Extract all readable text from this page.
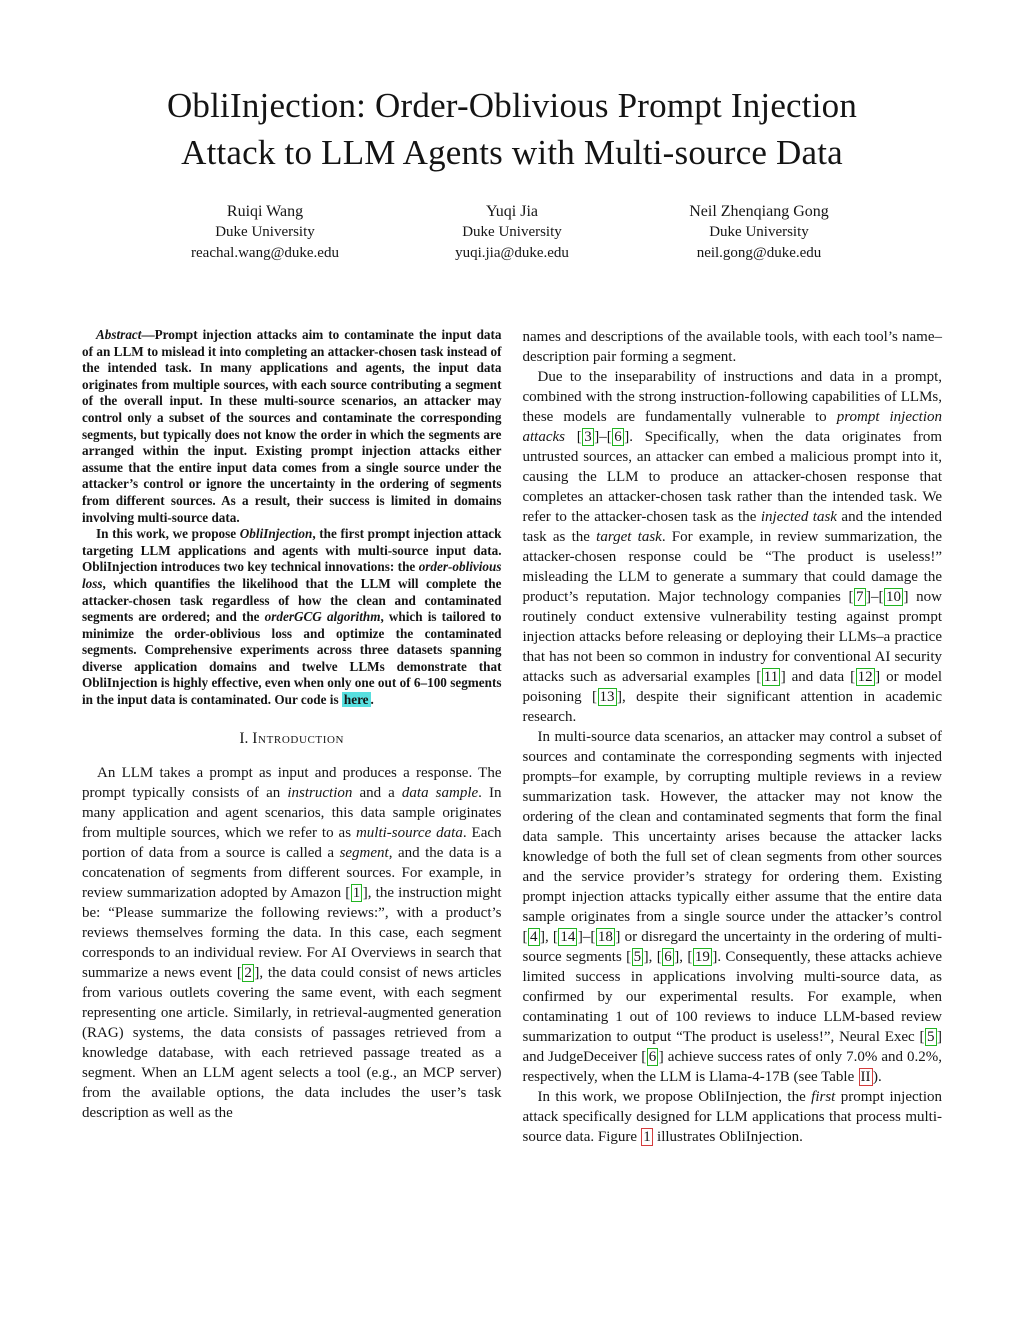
ObliInjection: Order-Oblivious Prompt Injection
Attack to LLM Agents with Multi-source Data
Ruiqi Wang
Duke University
reachal.wang@duke.edu
Yuqi Jia
Duke University
yuqi.jia@duke.edu
Neil Zhenqiang Gong
Duke University
neil.gong@duke.edu

Abstract—Prompt injection attacks aim to contaminate the input data of an LLM to mislead it into completing an attacker-chosen task instead of the intended task. In many applications and agents, the input data originates from multiple sources, with each source contributing a segment of the overall input. In these multi-source scenarios, an attacker may control only a subset of the sources and contaminate the corresponding segments, but typically does not know the order in which the segments are arranged within the input. Existing prompt injection attacks either assume that the entire input data comes from a single source under the attacker’s control or ignore the uncertainty in the ordering of segments from different sources. As a result, their success is limited in domains involving multi-source data.

In this work, we propose ObliInjection, the first prompt injection attack targeting LLM applications and agents with multi-source input data. ObliInjection introduces two key technical innovations: the order-oblivious loss, which quantifies the likelihood that the LLM will complete the attacker-chosen task regardless of how the clean and contaminated segments are ordered; and the orderGCG algorithm, which is tailored to minimize the order-oblivious loss and optimize the contaminated segments. Comprehensive experiments across three datasets spanning diverse application domains and twelve LLMs demonstrate that ObliInjection is highly effective, even when only one out of 6–100 segments in the input data is contaminated. Our code is here .

I. Introduction

An LLM takes a prompt as input and produces a response. The prompt typically consists of an instruction and a data sample. In many application and agent scenarios, this data sample originates from multiple sources, which we refer to as multi-source data. Each portion of data from a source is called a segment, and the data is a concatenation of segments from different sources. For example, in review summarization adopted by Amazon [ 1 ], the instruction might be: “Please summarize the following reviews:”, with a product’s reviews themselves forming the data. In this case, each segment corresponds to an individual review. For AI Overviews in search that summarize a news event [ 2 ], the data could consist of news articles from various outlets covering the same event, with each segment representing one article. Similarly, in retrieval-augmented generation (RAG) systems, the data consists of passages retrieved from a knowledge database, with each retrieved passage treated as a segment. When an LLM agent selects a tool (e.g., an MCP server) from the available options, the data includes the user’s task description as well as the

names and descriptions of the available tools, with each tool’s name–description pair forming a segment.

Due to the inseparability of instructions and data in a prompt, combined with the strong instruction-following capabilities of LLMs, these models are fundamentally vulnerable to prompt injection attacks [ 3 ]–[ 6 ]. Specifically, when the data originates from untrusted sources, an attacker can embed a malicious prompt into it, causing the LLM to produce an attacker-chosen response that completes an attacker-chosen task rather than the intended task. We refer to the attacker-chosen task as the injected task and the intended task as the target task. For example, in review summarization, the attacker-chosen response could be “The product is useless!” misleading the LLM to generate a summary that could damage the product’s reputation. Major technology companies [ 7 ]–[ 10 ] now routinely conduct extensive vulnerability testing against prompt injection attacks before releasing or deploying their LLMs–a practice that has not been so common in industry for conventional AI security attacks such as adversarial examples [ 11 ] and data [ 12 ] or model poisoning [ 13 ], despite their significant attention in academic research.

In multi-source data scenarios, an attacker may control a subset of sources and contaminate the corresponding segments with injected prompts–for example, by corrupting multiple reviews in a review summarization task. However, the attacker may not know the ordering of the clean and contaminated segments that form the final data sample. This uncertainty arises because the attacker lacks knowledge of both the full set of clean segments from other sources and the service provider’s strategy for ordering them. Existing prompt injection attacks typically either assume that the entire data sample originates from a single source under the attacker’s control [ 4 ], [ 14 ]–[ 18 ] or disregard the uncertainty in the ordering of multi-source segments [ 5 ], [ 6 ], [ 19 ]. Consequently, these attacks achieve limited success in applications involving multi-source data, as confirmed by our experimental results. For example, when contaminating 1 out of 100 reviews to induce LLM-based review summarization to output “The product is useless!”, Neural Exec [ 5 ] and JudgeDeceiver [ 6 ] achieve success rates of only 7.0% and 0.2%, respectively, when the LLM is Llama-4-17B (see Table II ).

In this work, we propose ObliInjection, the first prompt injection attack specifically designed for LLM applications that process multi-source data. Figure 1 illustrates ObliInjection.
